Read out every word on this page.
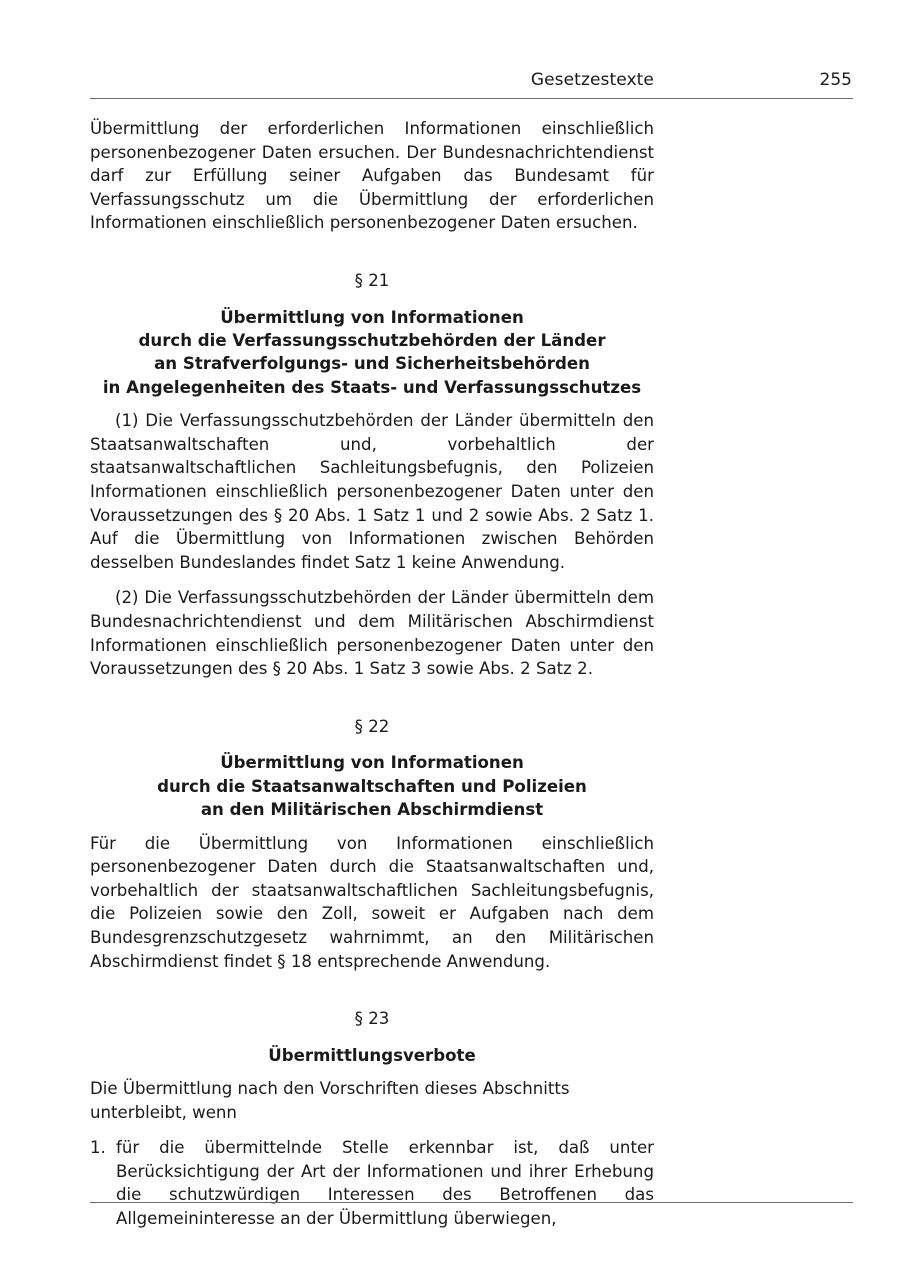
Gesetzestexte	255

Übermittlung der erforderlichen Informationen einschließlich personenbezogener Daten ersuchen. Der Bundesnachrichtendienst darf zur Erfüllung seiner Aufgaben das Bundesamt für Verfassungsschutz um die Übermittlung der erforderlichen Informationen einschließlich personenbezogener Daten ersuchen.

§ 21
Übermittlung von Informationen
durch die Verfassungsschutzbehörden der Länder
an Strafverfolgungs- und Sicherheitsbehörden
in Angelegenheiten des Staats- und Verfassungsschutzes

(1) Die Verfassungsschutzbehörden der Länder übermitteln den Staatsanwaltschaften und, vorbehaltlich der staatsanwaltschaftlichen Sachleitungsbefugnis, den Polizeien Informationen einschließlich personenbezogener Daten unter den Voraussetzungen des § 20 Abs. 1 Satz 1 und 2 sowie Abs. 2 Satz 1. Auf die Übermittlung von Informationen zwischen Behörden desselben Bundeslandes findet Satz 1 keine Anwendung.

(2) Die Verfassungsschutzbehörden der Länder übermitteln dem Bundesnachrichtendienst und dem Militärischen Abschirmdienst Informationen einschließlich personenbezogener Daten unter den Voraussetzungen des § 20 Abs. 1 Satz 3 sowie Abs. 2 Satz 2.

§ 22
Übermittlung von Informationen
durch die Staatsanwaltschaften und Polizeien
an den Militärischen Abschirmdienst

Für die Übermittlung von Informationen einschließlich personenbezogener Daten durch die Staatsanwaltschaften und, vorbehaltlich der staatsanwaltschaftlichen Sachleitungsbefugnis, die Polizeien sowie den Zoll, soweit er Aufgaben nach dem Bundesgrenzschutzgesetz wahrnimmt, an den Militärischen Abschirmdienst findet § 18 entsprechende Anwendung.

§ 23
Übermittlungsverbote

Die Übermittlung nach den Vorschriften dieses Abschnitts unterbleibt, wenn

1. für die übermittelnde Stelle erkennbar ist, daß unter Berücksichtigung der Art der Informationen und ihrer Erhebung die schutzwürdigen Interessen des Betroffenen das Allgemeininteresse an der Übermittlung überwiegen,
